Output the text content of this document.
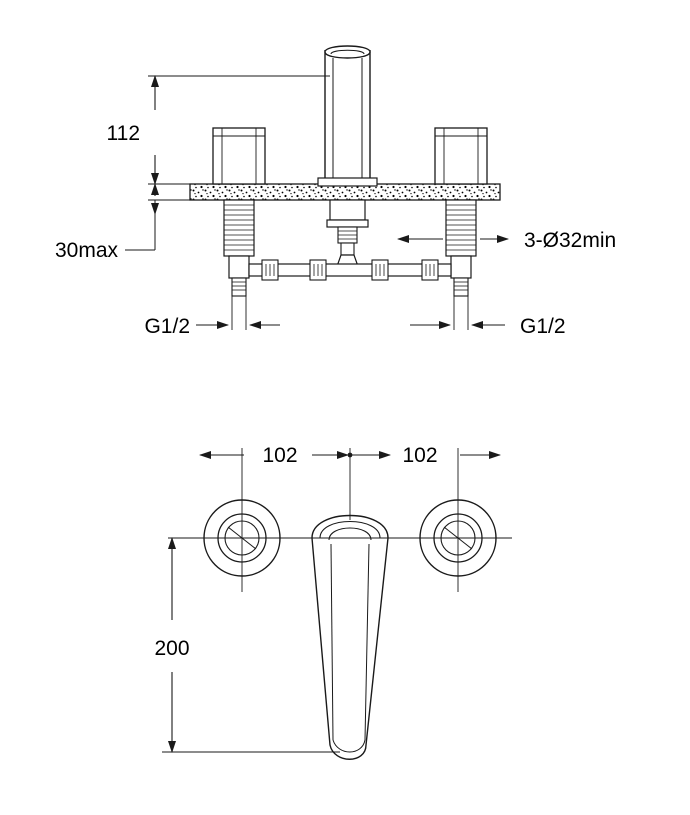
112
30max	3-Ø32min
G1/2	G1/2
102	102
200
